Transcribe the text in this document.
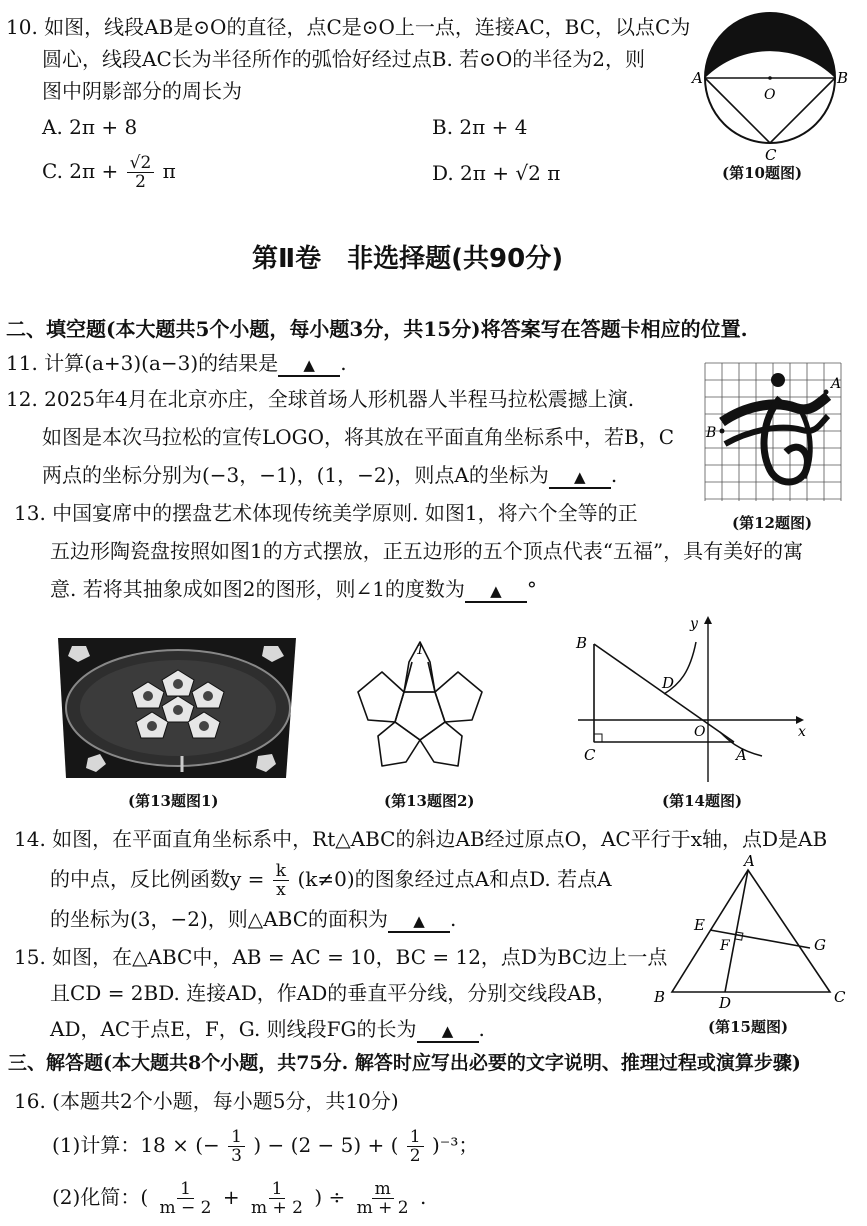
10. 如图，线段AB是⊙O的直径，点C是⊙O上一点，连接AC，BC，以点C为
圆心，线段AC长为半径所作的弧恰好经过点B. 若⊙O的半径为2，则
图中阴影部分的周长为
A. 2π + 8	B. 2π + 4
C. $2\pi + \frac{√2}{2}$ π	D. 2π + √2 π
A	B
O
C
(第10题图)
第Ⅱ卷　非选择题(共90分)
二、填空题(本大题共5个小题，每小题3分，共15分)将答案写在答题卡相应的位置.
11. 计算(a+3)(a−3)的结果是 ▲ .
12. 2025年4月在北京亦庄，全球首场人形机器人半程马拉松震撼上演.
如图是本次马拉松的宣传LOGO，将其放在平面直角坐标系中，若B，C
两点的坐标分别为(−3，−1)，(1，−2)，则点A的坐标为 ▲ .
A
B
(第12题图)
13. 中国宴席中的摆盘艺术体现传统美学原则. 如图1，将六个全等的正
五边形陶瓷盘按照如图1的方式摆放，正五边形的五个顶点代表“五福”，具有美好的寓
意. 若将其抽象成如图2的图形，则∠1的度数为 ▲ °
(第13题图1)
1
(第13题图2)
B
D
O
C	A
x
y
(第14题图)
14. 如图，在平面直角坐标系中，Rt△ABC的斜边AB经过原点O，AC平行于x轴，点D是AB
的中点，反比例函数$y = \frac{k}{x} (k\ne 0)$的图象经过点A和点D. 若点A
的坐标为(3，−2)，则△ABC的面积为 ▲ .
15. 如图，在△ABC中，AB = AC = 10，BC = 12，点D为BC边上一点
且CD = 2BD. 连接AD，作AD的垂直平分线，分别交线段AB，
AD，AC于点E，F，G. 则线段FG的长为 ▲ .
A
E
F	G
B	D	C
(第15题图)
三、解答题(本大题共8个小题，共75分. 解答时应写出必要的文字说明、推理过程或演算步骤)
16. (本题共2个小题，每小题5分，共10分)
(1)计算：18 × (− $\frac{1}{3}$ ) − (2 − 5) + ( $\frac{1}{2} )^{-3}$；
(2)化简：( $\frac{1}{m - 2} + \frac{1}{m + 2}$ ) ÷ $\frac{m}{m + 2}$ .
